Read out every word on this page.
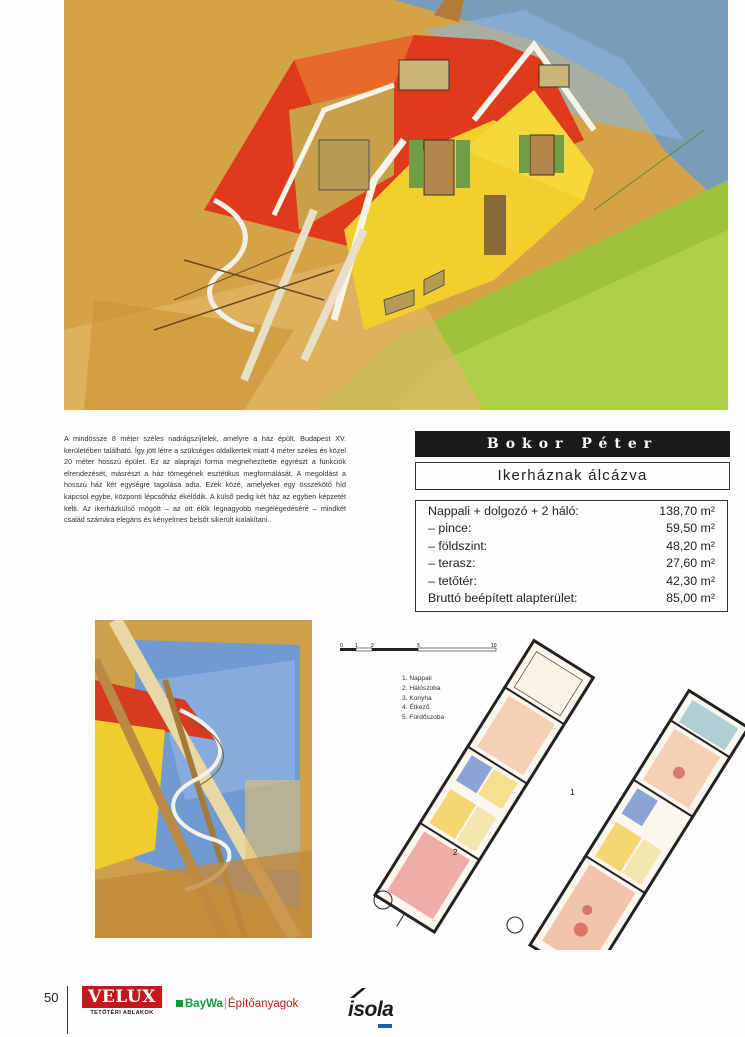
A mindössze 8 méter széles nadrágszíjtelek, amelyre a ház épült, Budapest XV. kerületében található. Így jött létre a szükséges oldalkertek miatt 4 méter széles és közel 20 méter hosszú épület. Ez az alaprajzi forma megnehezítette egyrészt a funkciók elrendezését, másrészt a ház tömegének esztétikus megformálását. A megoldást a hosszú ház két egységre tagolása adta. Ezek közé, amelyeket egy összekötő híd kapcsol egybe, központi lépcsőház ékelődik. A külső pedig két ház az egyben képzetét kelti. Az ikerházkülső mögött – az ott élők legnagyobb megelégedésére – mindkét család számára elegáns és kényelmes belsőt sikerült kialakítani.
Bokor Péter
Ikerháznak álcázva
Nappali + dolgozó + 2 háló:	138,70 m²
– pince:	59,50 m²
– földszint:	48,20 m²
– terasz:	27,60 m²
– tetőtér:	42,30 m²
Bruttó beépített alapterület:	85,00 m²
0 1	2	5	10
2
1
1. Nappali
2. Hálószoba
3. Konyha
4. Étkező
5. Fürdőszoba
50	VELUX
TETŐTÉRI ABLAKOK
BayWa|Építőanyagok isola
